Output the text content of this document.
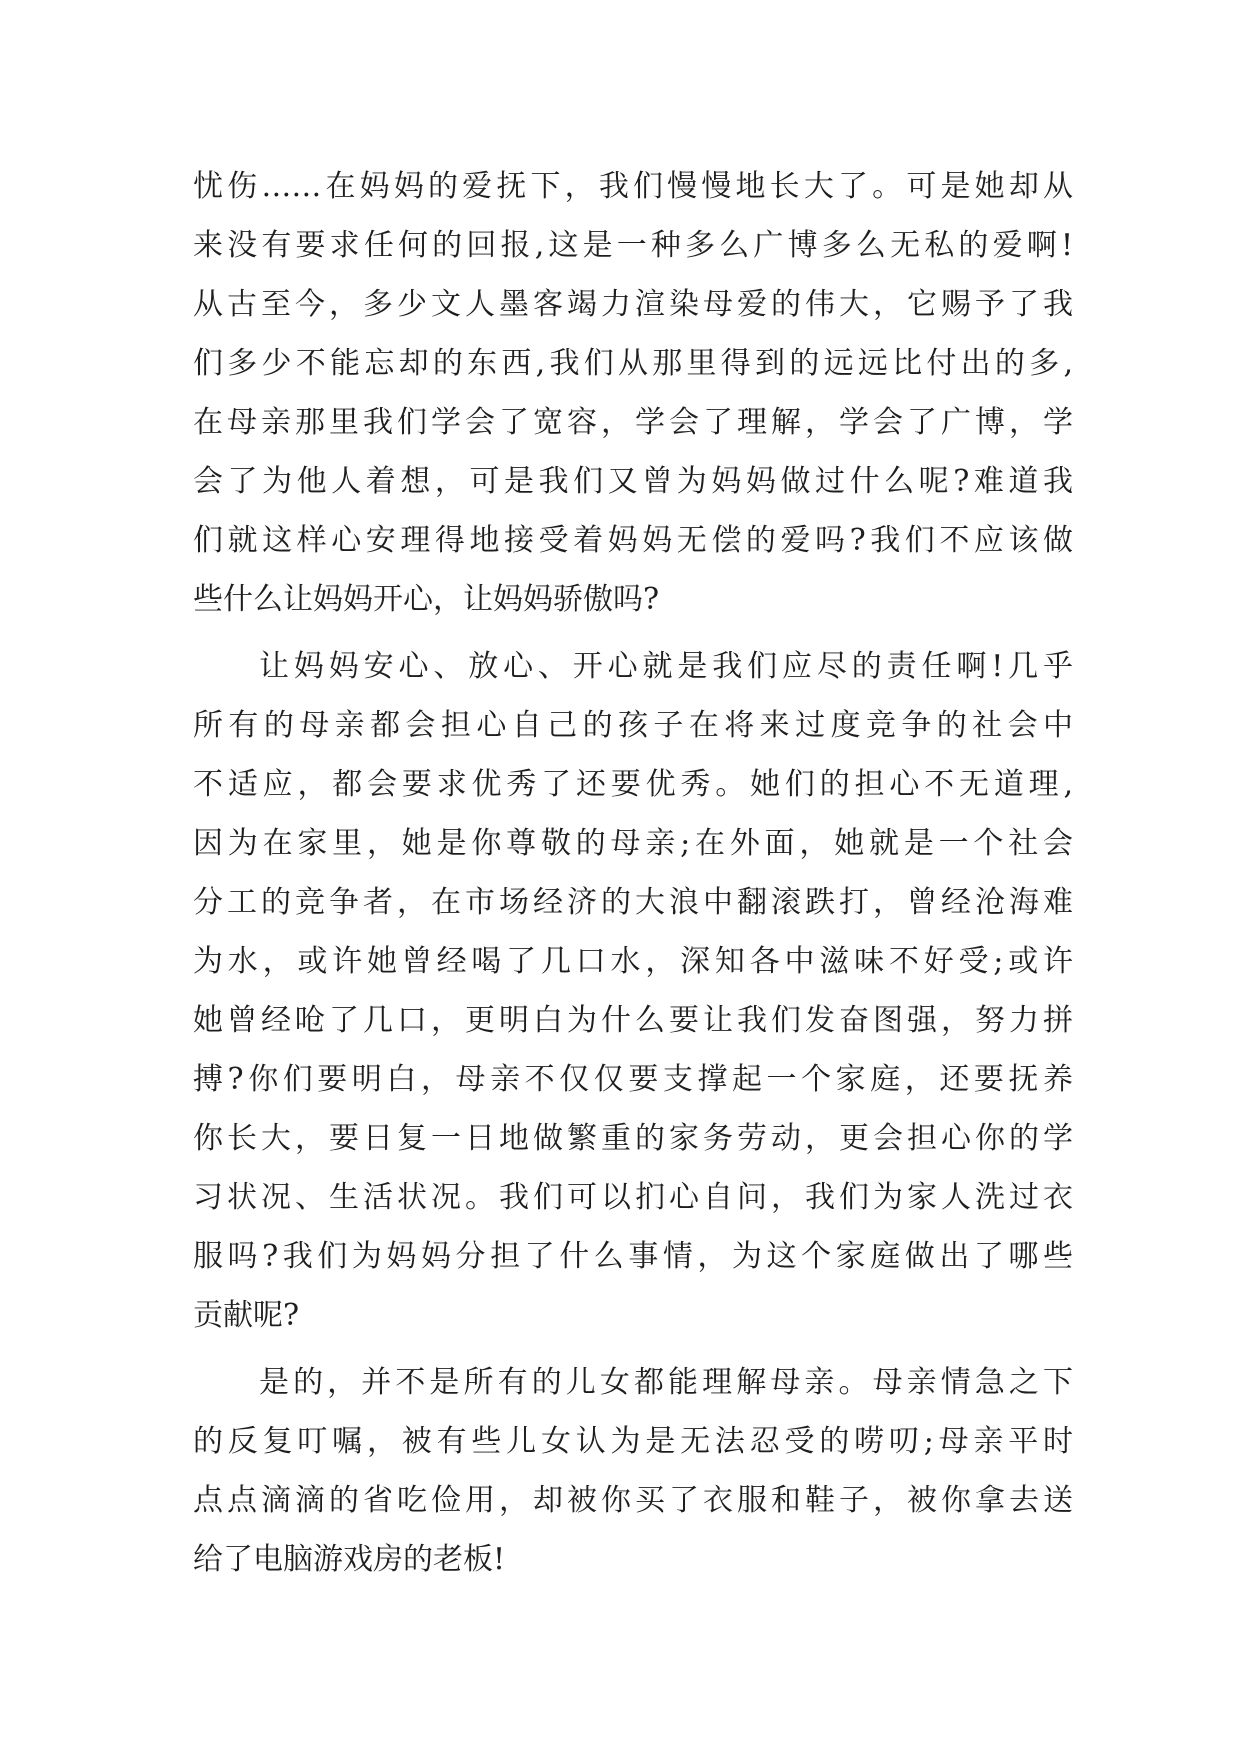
忧伤……在妈妈的爱抚下，我们慢慢地长大了。可是她却从
来没有要求任何的回报,这是一种多么广博多么无私的爱啊!
从古至今，多少文人墨客竭力渲染母爱的伟大，它赐予了我
们多少不能忘却的东西,我们从那里得到的远远比付出的多,
在母亲那里我们学会了宽容，学会了理解，学会了广博，学
会了为他人着想，可是我们又曾为妈妈做过什么呢?难道我
们就这样心安理得地接受着妈妈无偿的爱吗?我们不应该做
些什么让妈妈开心，让妈妈骄傲吗?
让妈妈安心、放心、开心就是我们应尽的责任啊!几乎
所有的母亲都会担心自己的孩子在将来过度竞争的社会中
不适应，都会要求优秀了还要优秀。她们的担心不无道理,
因为在家里，她是你尊敬的母亲;在外面，她就是一个社会
分工的竞争者，在市场经济的大浪中翻滚跌打，曾经沧海难
为水，或许她曾经喝了几口水，深知各中滋味不好受;或许
她曾经呛了几口，更明白为什么要让我们发奋图强，努力拼
搏?你们要明白，母亲不仅仅要支撑起一个家庭，还要抚养
你长大，要日复一日地做繁重的家务劳动，更会担心你的学
习状况、生活状况。我们可以扪心自问，我们为家人洗过衣
服吗?我们为妈妈分担了什么事情，为这个家庭做出了哪些
贡献呢?
是的，并不是所有的儿女都能理解母亲。母亲情急之下
的反复叮嘱，被有些儿女认为是无法忍受的唠叨;母亲平时
点点滴滴的省吃俭用，却被你买了衣服和鞋子，被你拿去送
给了电脑游戏房的老板!
